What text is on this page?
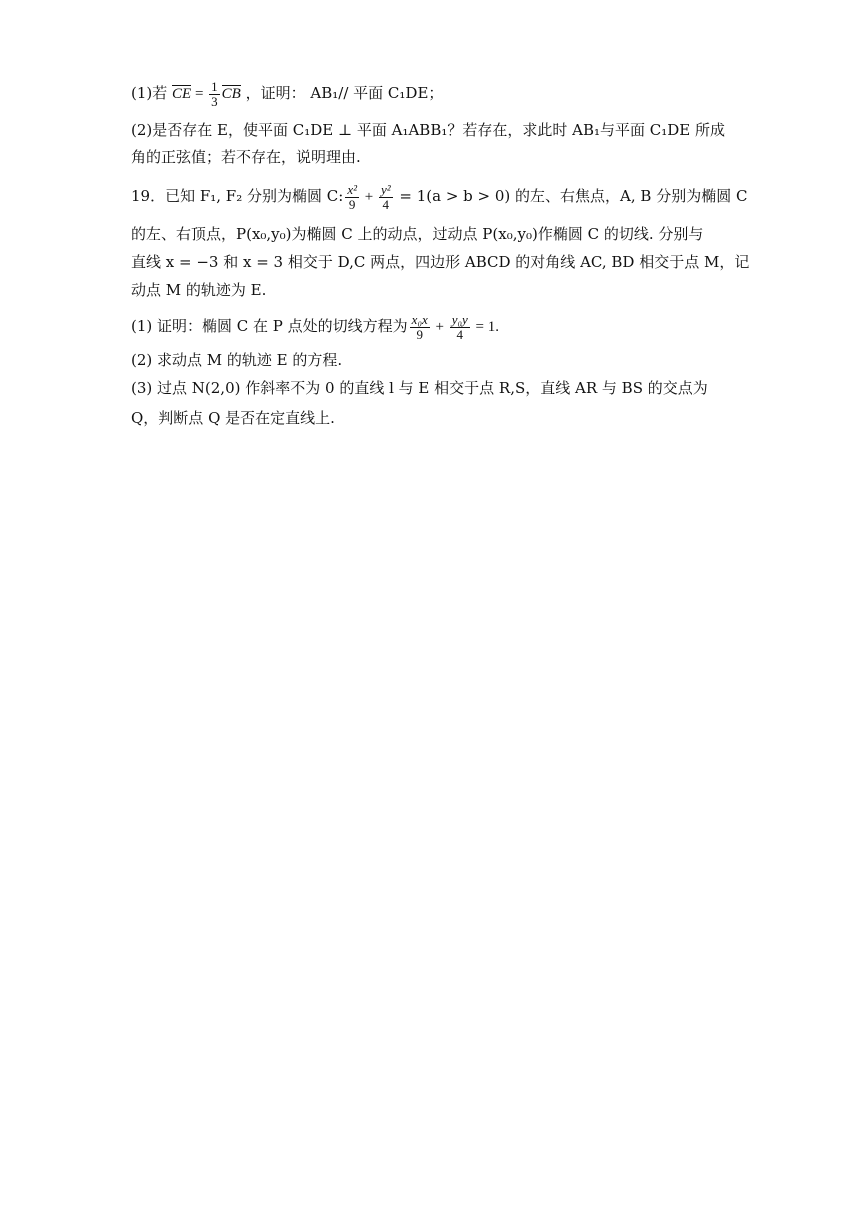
(1)若 CE = $\frac{1}{3}$ CB ，证明： AB₁// 平面 C₁DE；
(2)是否存在 E，使平面 C₁DE ⊥ 平面 A₁ABB₁？若存在，求此时 AB₁与平面 C₁DE 所成
角的正弦值；若不存在，说明理由.
19．已知 F₁, F₂ 分别为椭圆 C: $\frac{\text{x²}}{9} + \frac{\text{y²}}{4} = 1(a > b > 0)$ 的左、右焦点，A, B 分别为椭圆 C
的左、右顶点，P(x₀,y₀)为椭圆 C 上的动点，过动点 P(x₀,y₀)作椭圆 C 的切线. 分别与
直线 x = −3 和 x = 3 相交于 D,C 两点，四边形 ABCD 的对角线 AC, BD 相交于点 M，记
动点 M 的轨迹为 E.
(1) 证明：椭圆 C 在 P 点处的切线方程为 $\frac{\text{x₀x}}{9} + \frac{\text{y₀y}}{4} = 1$.
(2) 求动点 M 的轨迹 E 的方程.
(3) 过点 N(2,0) 作斜率不为 0 的直线 l 与 E 相交于点 R,S，直线 AR 与 BS 的交点为
Q，判断点 Q 是否在定直线上.
